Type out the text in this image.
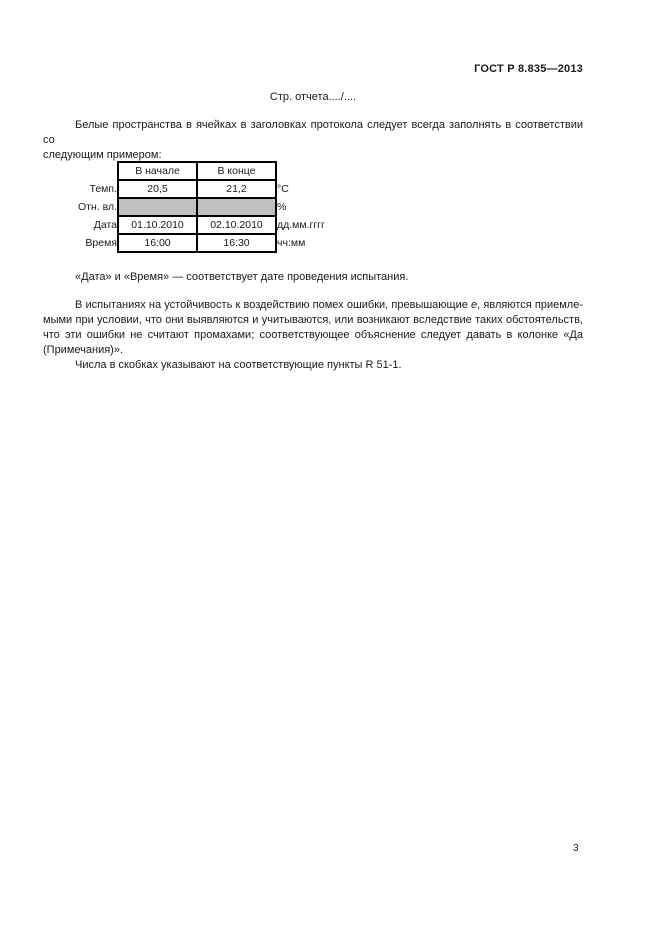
ГОСТ Р 8.835—2013
Стр. отчета..../....
Белые пространства в ячейках в заголовках протокола следует всегда заполнять в соответствии со
следующим примером:
	В начале	В конце	
Темп.	20,5	21,2	°C
Отн. вл.			%
Дата	01.10.2010	02.10.2010	дд.мм.гггг
Время	16:00	16:30	чч:мм
«Дата» и «Время» — соответствует дате проведения испытания.
В испытаниях на устойчивость к воздействию помех ошибки, превышающие е, являются приемле-
мыми при условии, что они выявляются и учитываются, или возникают вследствие таких обстоятельств,
что эти ошибки не считают промахами; соответствующее объяснение следует давать в колонке «Да
(Примечания)».
Числа в скобках указывают на соответствующие пункты R 51-1.
3
